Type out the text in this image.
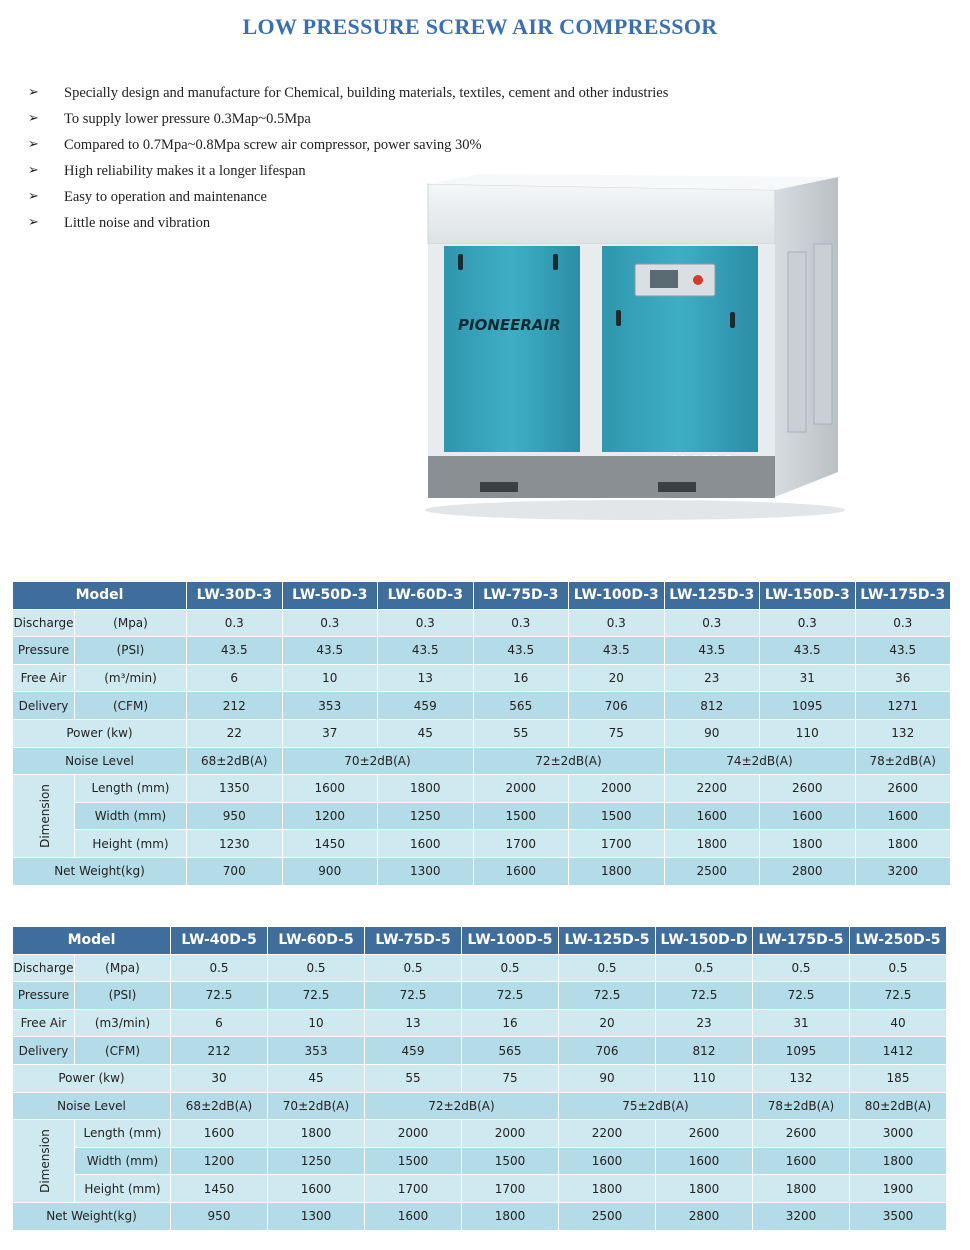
LOW PRESSURE SCREW AIR COMPRESSOR
➢ Specially design and manufacture for Chemical, building materials, textiles, cement and other industries
➢ To supply lower pressure 0.3Map~0.5Mpa
➢ Compared to 0.7Mpa~0.8Mpa screw air compressor, power saving 30%
➢ High reliability makes it a longer lifespan
➢ Easy to operation and maintenance
➢ Little noise and vibration
PIONEERAIR
Model		LW-30D-3	LW-50D-3	LW-60D-3	LW-75D-3	LW-100D-3	LW-125D-3	LW-150D-3	LW-175D-3
Discharge	(Mpa)	0.3	0.3	0.3	0.3	0.3	0.3	0.3	0.3
Pressure	(PSI)	43.5	43.5	43.5	43.5	43.5	43.5	43.5	43.5
Free Air	(m³/min)	6	10	13	16	20	23	31	36
Delivery	(CFM)	212	353	459	565	706	812	1095	1271
Power (kw)		22	37	45	55	75	90	110	132
Noise Level		68±2dB(A)	70±2dB(A)		72±2dB(A)		74±2dB(A)		78±2dB(A)
Dimension	Length (mm)	1350	1600	1800	2000	2000	2200	2600	2600
	Width (mm)	950	1200	1250	1500	1500	1600	1600	1600
	Height (mm)	1230	1450	1600	1700	1700	1800	1800	1800
Net Weight(kg)		700	900	1300	1600	1800	2500	2800	3200
Model		LW-40D-5	LW-60D-5	LW-75D-5	LW-100D-5	LW-125D-5	LW-150D-D	LW-175D-5	LW-250D-5
Discharge	(Mpa)	0.5	0.5	0.5	0.5	0.5	0.5	0.5	0.5
Pressure	(PSI)	72.5	72.5	72.5	72.5	72.5	72.5	72.5	72.5
Free Air	(m3/min)	6	10	13	16	20	23	31	40
Delivery	(CFM)	212	353	459	565	706	812	1095	1412
Power (kw)		30	45	55	75	90	110	132	185
Noise Level		68±2dB(A)	70±2dB(A)	72±2dB(A)		75±2dB(A)		78±2dB(A)	80±2dB(A)
Dimension	Length (mm)	1600	1800	2000	2000	2200	2600	2600	3000
	Width (mm)	1200	1250	1500	1500	1600	1600	1600	1800
	Height (mm)	1450	1600	1700	1700	1800	1800	1800	1900
Net Weight(kg)		950	1300	1600	1800	2500	2800	3200	3500
